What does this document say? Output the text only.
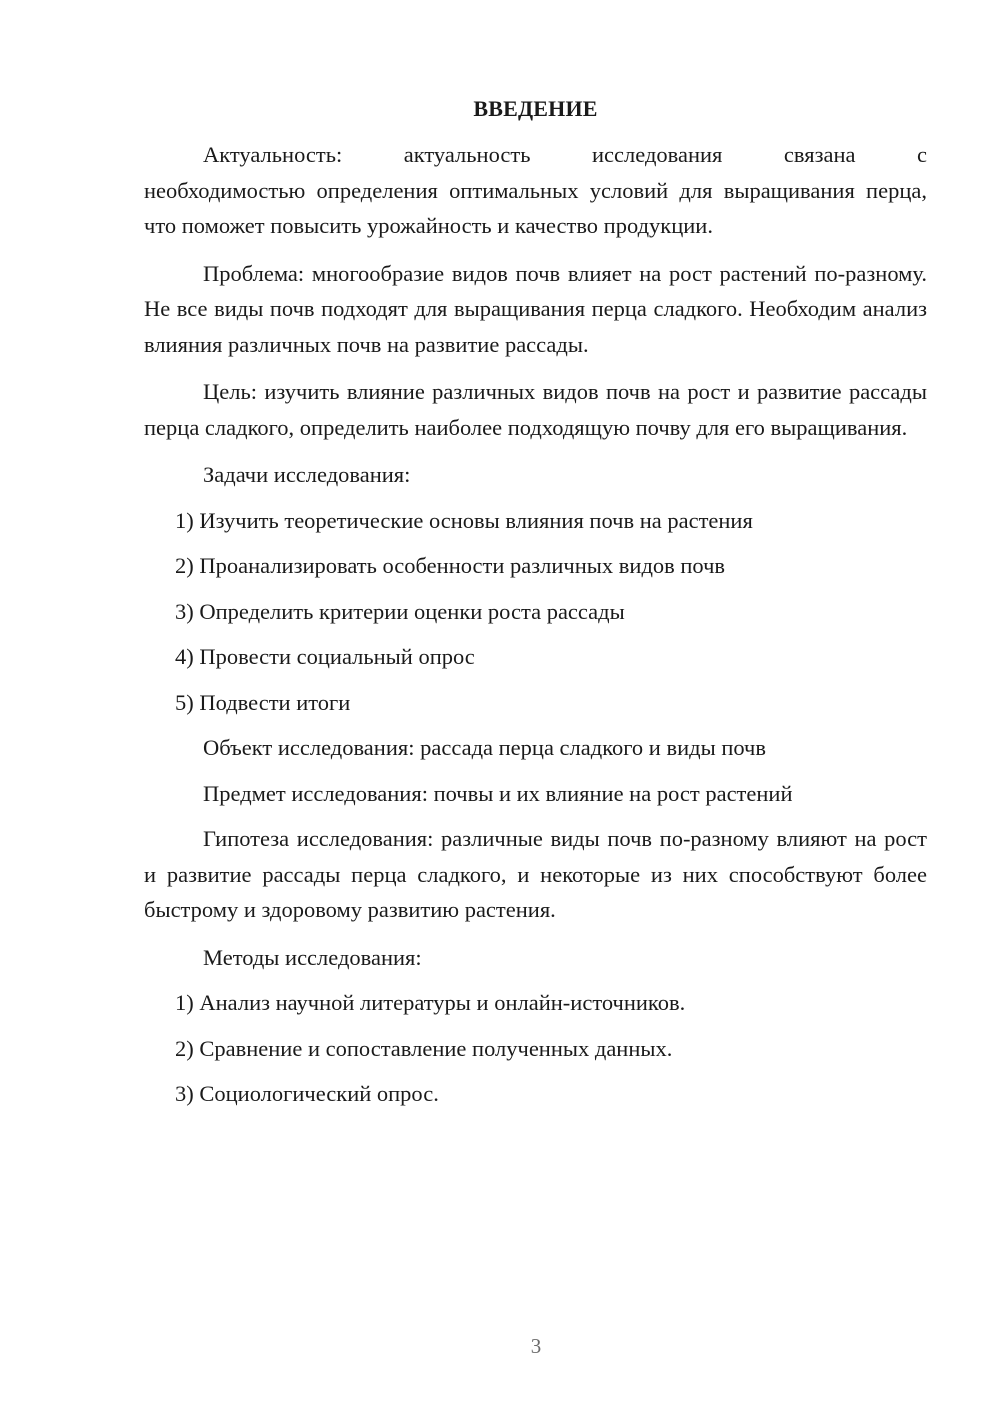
ВВЕДЕНИЕ
Актуальность: актуальность исследования связана с
необходимостью определения оптимальных условий для выращивания перца, что поможет повысить урожайность и качество продукции.
Проблема: многообразие видов почв влияет на рост растений по-разному. Не все виды почв подходят для выращивания перца сладкого. Необходим анализ влияния различных почв на развитие рассады.
Цель: изучить влияние различных видов почв на рост и развитие рассады перца сладкого, определить наиболее подходящую почву для его выращивания.
Задачи исследования:
1) Изучить теоретические основы влияния почв на растения
2) Проанализировать особенности различных видов почв
3) Определить критерии оценки роста рассады
4) Провести социальный опрос
5) Подвести итоги
Объект исследования: рассада перца сладкого и виды почв
Предмет исследования: почвы и их влияние на рост растений
Гипотеза исследования: различные виды почв по-разному влияют на рост и развитие рассады перца сладкого, и некоторые из них способствуют более быстрому и здоровому развитию растения.
Методы исследования:
1) Анализ научной литературы и онлайн-источников.
2) Сравнение и сопоставление полученных данных.
3) Социологический опрос.
3
